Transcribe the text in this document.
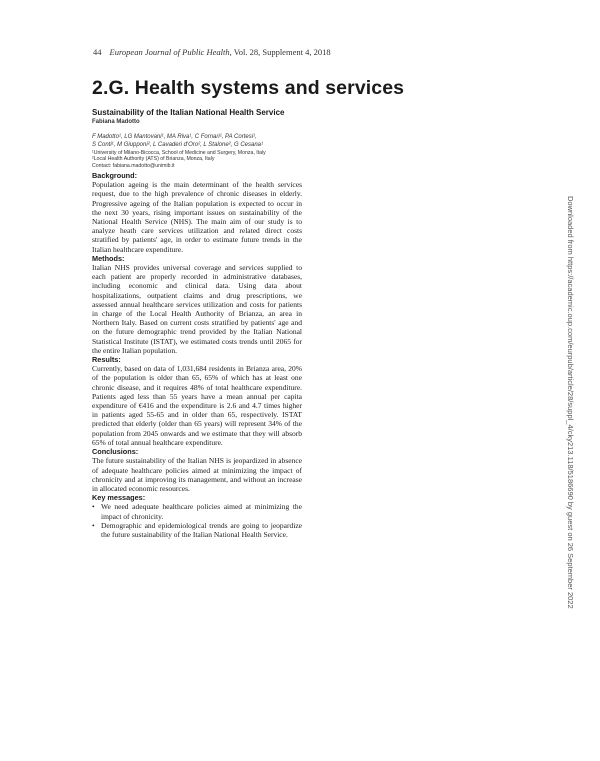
44 European Journal of Public Health, Vol. 28, Supplement 4, 2018
2.G. Health systems and services
Sustainability of the Italian National Health Service
Fabiana Madotto
F Madotto¹, LG Mantovani¹, MA Riva¹, C Fornari¹, PA Cortesi¹,
S Conti¹, M Giupponi², L Cavaderi d'Oro², L Stalone², G Cesana¹
¹University of Milano-Bicocca, School of Medicine and Surgery, Monza, Italy
²Local Health Authority (ATS) of Brianza, Monza, Italy
Contact: fabiana.madotto@unimib.it
Background:

Population ageing is the main determinant of the health services request, due to the high prevalence of chronic diseases in elderly. Progressive ageing of the Italian population is expected to occur in the next 30 years, rising important issues on sustainability of the National Health Service (NHS). The main aim of our study is to analyze heath care services utilization and related direct costs stratified by patients' age, in order to estimate future trends in the Italian healthcare expenditure.

Methods:

Italian NHS provides universal coverage and services supplied to each patient are properly recorded in administrative databases, including economic and clinical data. Using data about hospitalizations, outpatient claims and drug prescriptions, we assessed annual healthcare services utilization and costs for patients in charge of the Local Health Authority of Brianza, an area in Northern Italy. Based on current costs stratified by patients' age and on the future demographic trend provided by the Italian National Statistical Institute (ISTAT), we estimated costs trends until 2065 for the entire Italian population.

Results:

Currently, based on data of 1,031,684 residents in Brianza area, 20% of the population is older than 65, 65% of which has at least one chronic disease, and it requires 48% of total healthcare expenditure. Patients aged less than 55 years have a mean annual per capita expenditure of €416 and the expenditure is 2.6 and 4.7 times higher in patients aged 55-65 and in older than 65, respectively. ISTAT predicted that elderly (older than 65 years) will represent 34% of the population from 2045 onwards and we estimate that they will absorb 65% of total annual healthcare expenditure.

Conclusions:

The future sustainability of the Italian NHS is jeopardized in absence of adequate healthcare policies aimed at minimizing the impact of chronicity and at improving its management, and without an increase in allocated economic resources.

Key messages:
• We need adequate healthcare policies aimed at minimizing the impact of chronicity.
• Demographic and epidemiological trends are going to jeopardize the future sustainability of the Italian National Health Service.	Downloaded from https://academic.oup.com/eurpub/article/28/suppl_4/cky213.118/5186690 by guest on 26 September 2022
